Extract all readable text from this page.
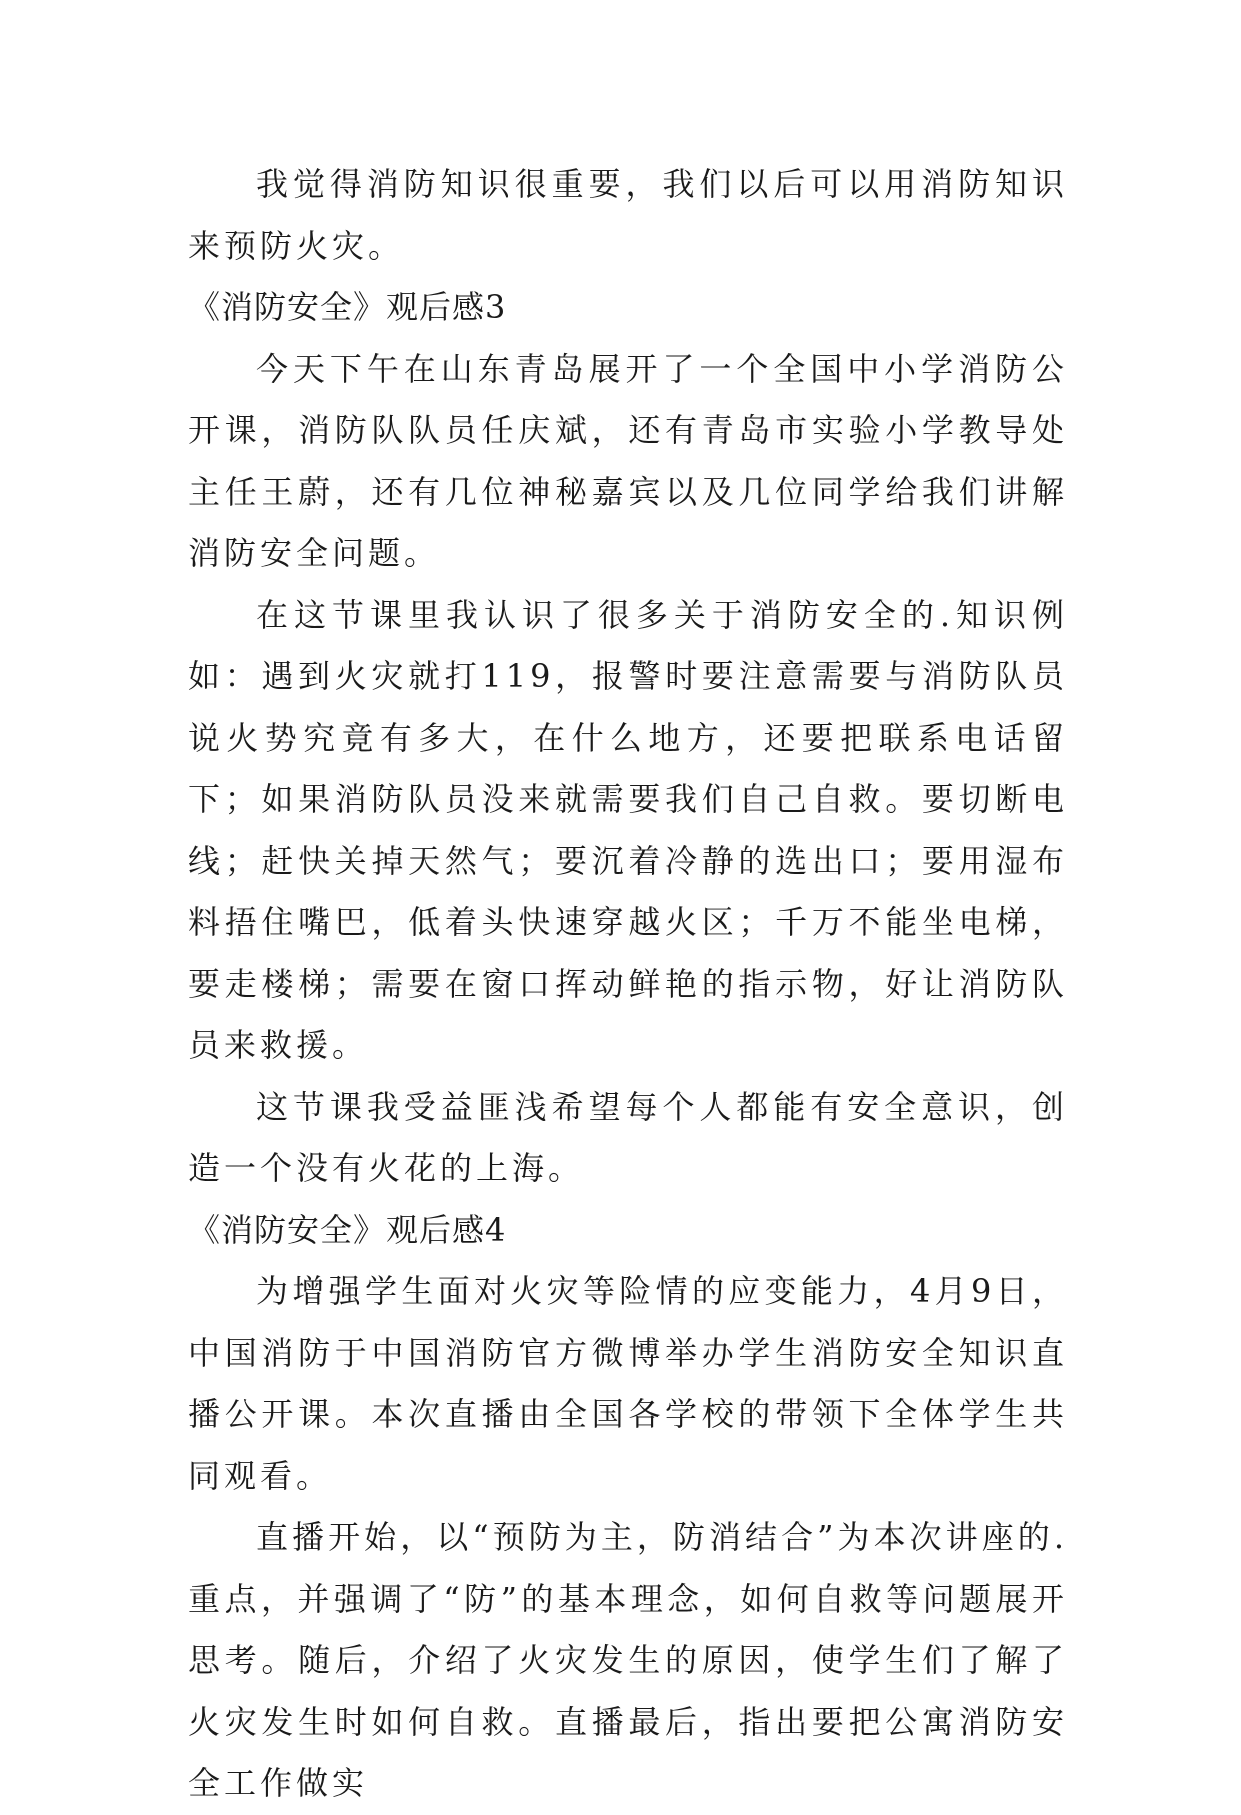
我觉得消防知识很重要，我们以后可以用消防知识来预防火灾。

《消防安全》观后感3

今天下午在山东青岛展开了一个全国中小学消防公开课，消防队队员任庆斌，还有青岛市实验小学教导处主任王蔚，还有几位神秘嘉宾以及几位同学给我们讲解消防安全问题。

在这节课里我认识了很多关于消防安全的.知识例如：遇到火灾就打119，报警时要注意需要与消防队员说火势究竟有多大，在什么地方，还要把联系电话留下；如果消防队员没来就需要我们自己自救。要切断电线；赶快关掉天然气；要沉着冷静的选出口；要用湿布料捂住嘴巴，低着头快速穿越火区；千万不能坐电梯，要走楼梯；需要在窗口挥动鲜艳的指示物，好让消防队员来救援。

这节课我受益匪浅希望每个人都能有安全意识，创造一个没有火花的上海。

《消防安全》观后感4

为增强学生面对火灾等险情的应变能力，4月9日，中国消防于中国消防官方微博举办学生消防安全知识直播公开课。本次直播由全国各学校的带领下全体学生共同观看。

直播开始，以“预防为主，防消结合”为本次讲座的.重点，并强调了“防”的基本理念，如何自救等问题展开思考。随后，介绍了火灾发生的原因，使学生们了解了火灾发生时如何自救。直播最后，指出要把公寓消防安全工作做实
